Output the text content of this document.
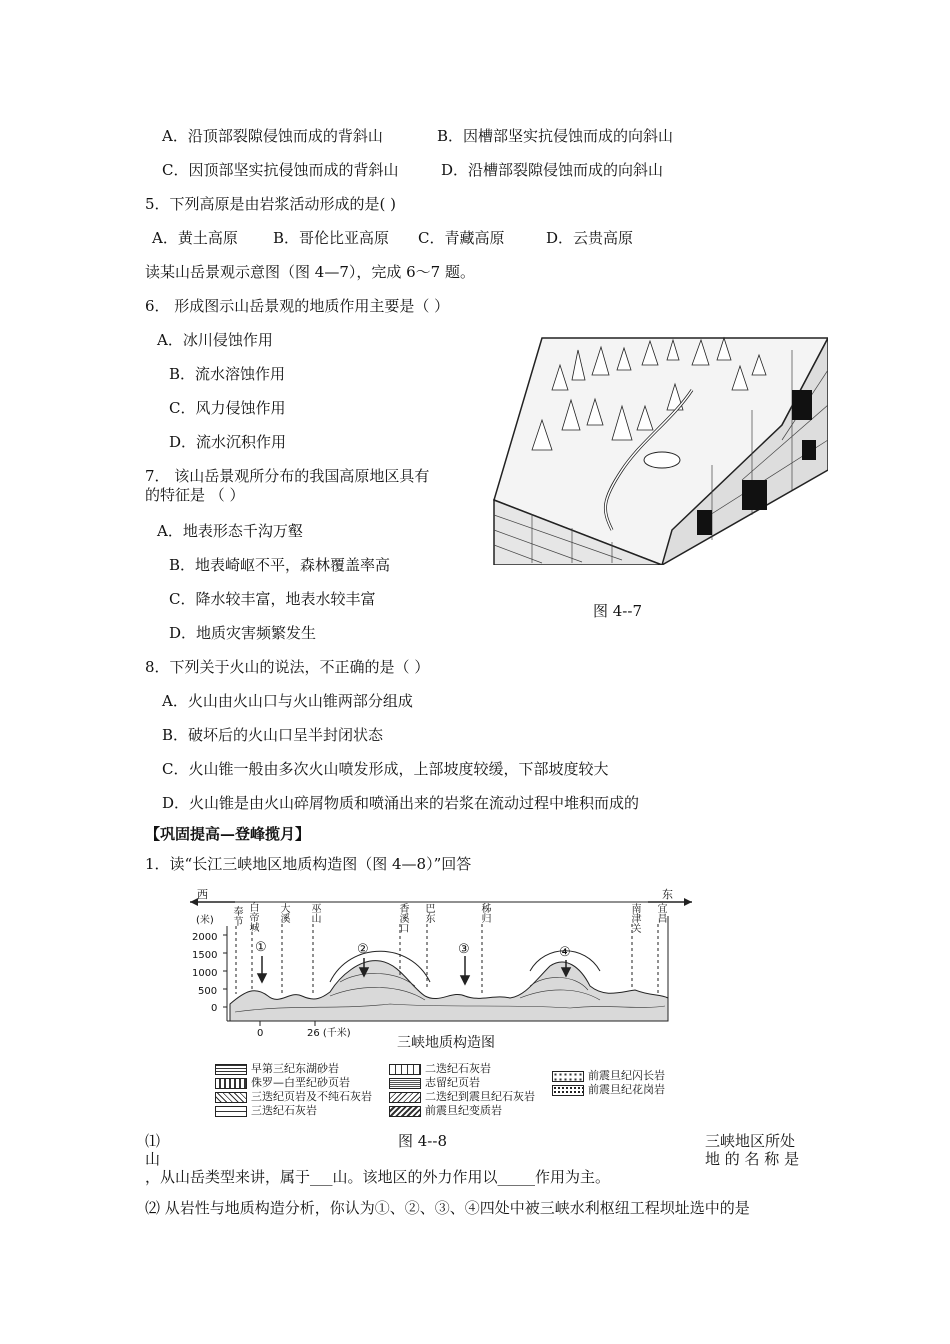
A．沿顶部裂隙侵蚀而成的背斜山	B．因槽部坚实抗侵蚀而成的向斜山
C．因顶部坚实抗侵蚀而成的背斜山	D．沿槽部裂隙侵蚀而成的向斜山
5．下列高原是由岩浆活动形成的是( )
A．黄土高原 B．哥伦比亚高原 C．青藏高原	D．云贵高原
读某山岳景观示意图（图 4—7），完成 6～7 题。
6． 形成图示山岳景观的地质作用主要是（ ）
A．冰川侵蚀作用
B．流水溶蚀作用
C．风力侵蚀作用
D．流水沉积作用
7． 该山岳景观所分布的我国高原地区具有
的特征是 （ ）
A．地表形态千沟万壑
B．地表崎岖不平，森林覆盖率高
C．降水较丰富，地表水较丰富
D．地质灾害频繁发生
图 4--7
8．下列关于火山的说法，不正确的是（ ）
A．火山由火山口与火山锥两部分组成
B．破坏后的火山口呈半封闭状态
C．火山锥一般由多次火山喷发形成，上部坡度较缓，下部坡度较大
D．火山锥是由火山碎屑物质和喷涌出来的岩浆在流动过程中堆积而成的
【巩固提高—登峰揽月】
1．读“长江三峡地区地质构造图（图 4—8）”回答
西	东
(米)
2000
1500
1000
500
0
0	26 (千米)
三峡地质构造图
奉节 白帝城 大溪 巫山	巴东
香溪口	秭归	南津关 宜昌
①	②	③	④
早第三纪东湖砂岩
侏罗—白垩纪砂页岩
三迭纪页岩及不纯石灰岩
三迭纪石灰岩
二迭纪石灰岩
志留纪页岩
二迭纪到震旦纪石灰岩
前震旦纪变质岩
前震旦纪闪长岩
前震旦纪花岗岩
⑴	图 4--8	三峡地区所处
山	地 的 名 称 是
，从山岳类型来讲，属于___山。该地区的外力作用以_____作用为主。
⑵ 从岩性与地质构造分析，你认为①、②、③、④四处中被三峡水利枢纽工程坝址选中的是
